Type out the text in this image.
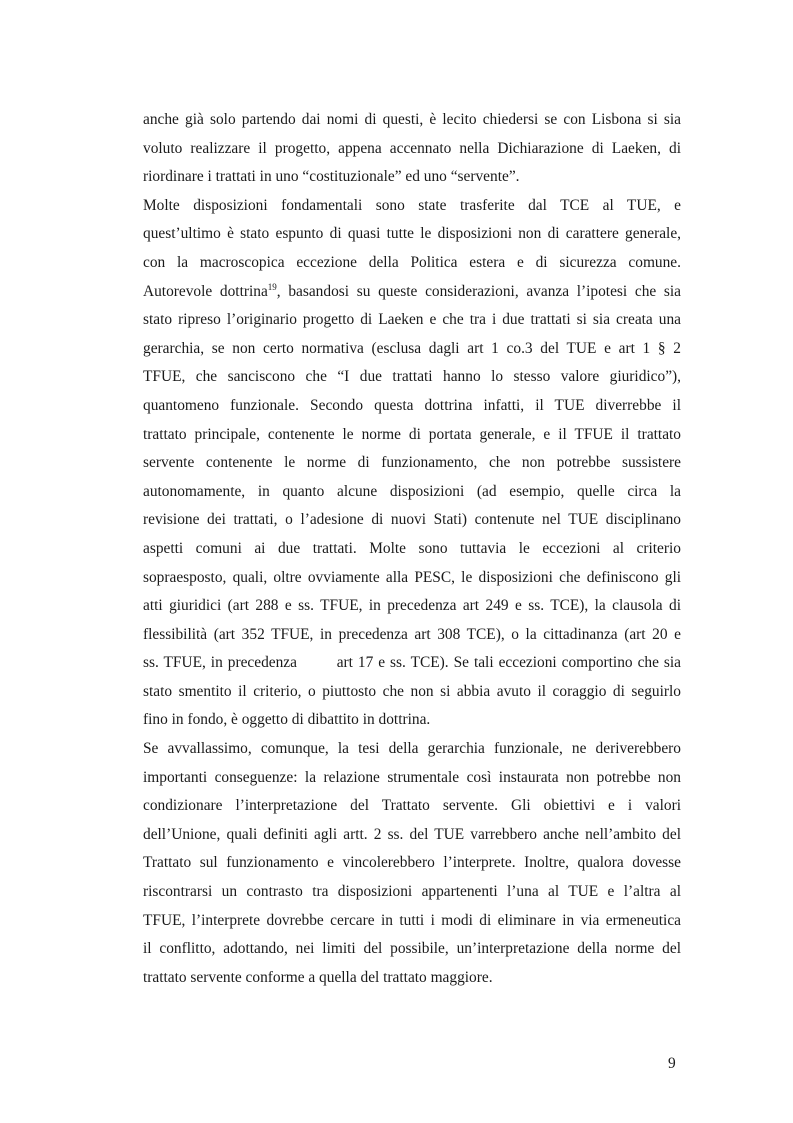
anche già solo partendo dai nomi di questi, è lecito chiedersi se con Lisbona si sia
voluto realizzare il progetto, appena accennato nella Dichiarazione di Laeken, di
riordinare i trattati in uno “costituzionale” ed uno “servente”.
Molte disposizioni fondamentali sono state trasferite dal TCE al TUE, e
quest’ultimo è stato espunto di quasi tutte le disposizioni non di carattere generale,
con la macroscopica eccezione della Politica estera e di sicurezza comune.
Autorevole dottrina$^{19}$, basandosi su queste considerazioni, avanza l’ipotesi che sia
stato ripreso l’originario progetto di Laeken e che tra i due trattati si sia creata una
gerarchia, se non certo normativa (esclusa dagli art 1 co.3 del TUE e art 1 § 2
TFUE, che sanciscono che “I due trattati hanno lo stesso valore giuridico”),
quantomeno funzionale. Secondo questa dottrina infatti, il TUE diverrebbe il
trattato principale, contenente le norme di portata generale, e il TFUE il trattato
servente contenente le norme di funzionamento, che non potrebbe sussistere
autonomamente, in quanto alcune disposizioni (ad esempio, quelle circa la
revisione dei trattati, o l’adesione di nuovi Stati) contenute nel TUE disciplinano
aspetti comuni ai due trattati. Molte sono tuttavia le eccezioni al criterio
sopraesposto, quali, oltre ovviamente alla PESC, le disposizioni che definiscono gli
atti giuridici (art 288 e ss. TFUE, in precedenza art 249 e ss. TCE), la clausola di
flessibilità (art 352 TFUE, in precedenza art 308 TCE), o la cittadinanza (art 20 e
ss. TFUE, in precedenza        art 17 e ss. TCE). Se tali eccezioni comportino che sia
stato smentito il criterio, o piuttosto che non si abbia avuto il coraggio di seguirlo
fino in fondo, è oggetto di dibattito in dottrina.
Se avvallassimo, comunque, la tesi della gerarchia funzionale, ne deriverebbero
importanti conseguenze: la relazione strumentale così instaurata non potrebbe non
condizionare l’interpretazione del Trattato servente. Gli obiettivi e i valori
dell’Unione, quali definiti agli artt. 2 ss. del TUE varrebbero anche nell’ambito del
Trattato sul funzionamento e vincolerebbero l’interprete. Inoltre, qualora dovesse
riscontrarsi un contrasto tra disposizioni appartenenti l’una al TUE e l’altra al
TFUE, l’interprete dovrebbe cercare in tutti i modi di eliminare in via ermeneutica
il conflitto, adottando, nei limiti del possibile, un’interpretazione della norme del
trattato servente conforme a quella del trattato maggiore.
9
